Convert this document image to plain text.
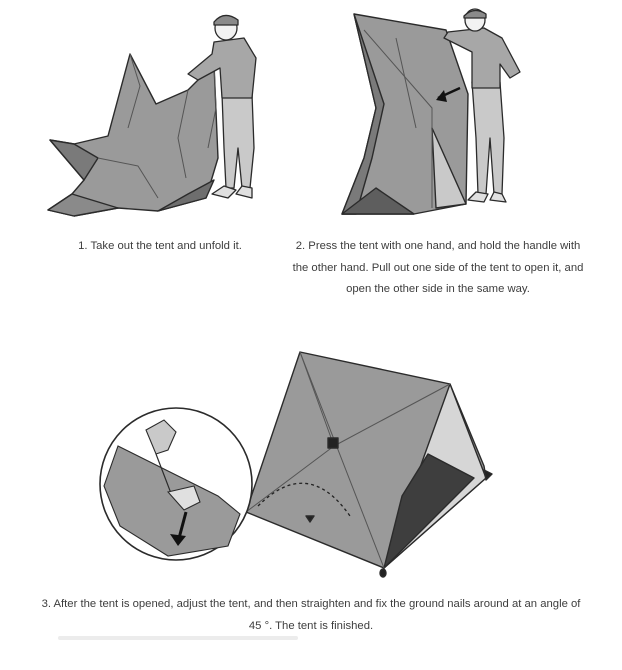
1. Take out the tent and unfold it.	2. Press the tent with one hand, and hold the handle with the other hand. Pull out one side of the tent to open it, and open the other side in the same way.

3. After the tent is opened, adjust the tent, and then straighten and fix the ground nails around at an angle of 45 °. The tent is finished.
